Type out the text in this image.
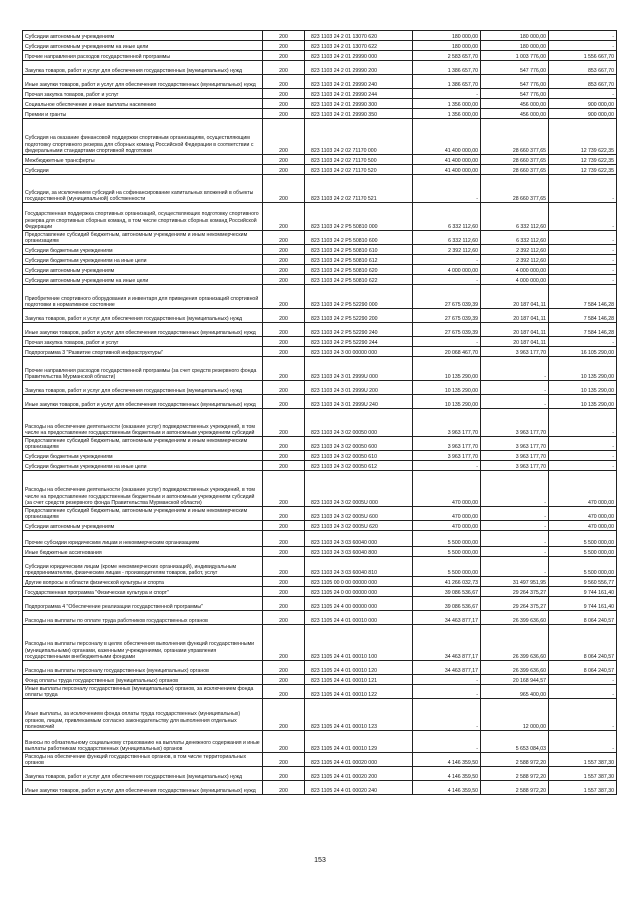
Субсидии автономным учреждениям	200	823 1103 24 2 01 13070 620	180 000,00	180 000,00	-
Субсидии автономным учреждениям на иные цели	200	823 1103 24 2 01 13070 622	180 000,00	180 000,00	-
Прочие направления расходов государственной программы	200	823 1103 24 2 01 29990 000	2 583 657,70	1 003 776,00	1 556 667,70
Закупка товаров, работ и услуг для обеспечения государственных (муниципальных) нужд	200	823 1103 24 2 01 29990 200	1 386 657,70	547 776,00	853 667,70
Иные закупки товаров, работ и услуг для обеспечения государственных (муниципальных) нужд	200	823 1103 24 2 01 29990 240	1 386 657,70	547 776,00	853 667,70
Прочая закупка товаров, работ и услуг	200	823 1103 24 2 01 29990 244	-	547 776,00	-
Социальное обеспечение и иные выплаты населению	200	823 1103 24 2 01 29990 300	1 356 000,00	456 000,00	900 000,00
Премии и гранты	200	823 1103 24 2 01 29990 350	1 356 000,00	456 000,00	900 000,00
Субсидия на оказание финансовой поддержки спортивным организациям, осуществляющим подготовку спортивного резерва для сборных команд Российской Федерации в соответствии с федеральными стандартами спортивной подготовки	200	823 1103 24 2 02 71170 000	41 400 000,00	28 660 377,65	12 739 622,35
Межбюджетные трансферты	200	823 1103 24 2 02 71170 500	41 400 000,00	28 660 377,65	12 739 622,35
Субсидии	200	823 1103 24 2 02 71170 520	41 400 000,00	28 660 377,65	12 739 622,35
Субсидии, за исключением субсидий на софинансирование капитальных вложений в объекты государственной (муниципальной) собственности	200	823 1103 24 2 02 71170 521	-	28 660 377,65	-
Государственная поддержка спортивных организаций, осуществляющих подготовку спортивного резерва для спортивных сборных команд, в том числе спортивных сборных команд Российской Федерации	200	823 1103 24 2 P5 50810 000	6 332 112,60	6 332 112,60	-
Предоставление субсидий бюджетным, автономным учреждениям и иным некоммерческим организациям	200	823 1103 24 2 P5 50810 600	6 332 112,60	6 332 112,60	-
Субсидии бюджетным учреждениям	200	823 1103 24 2 P5 50810 610	2 392 112,60	2 392 112,60	-
Субсидии бюджетным учреждениям на иные цели	200	823 1103 24 2 P5 50810 612	-	2 392 112,60	-
Субсидии автономным учреждениям	200	823 1103 24 2 P5 50810 620	4 000 000,00	4 000 000,00	-
Субсидии автономным учреждениям на иные цели	200	823 1103 24 2 P5 50810 622	-	4 000 000,00	-
Приобретение спортивного оборудования и инвентаря для приведения организаций спортивной подготовки в нормативное состояние	200	823 1103 24 2 P5 52290 000	27 675 039,39	20 187 041,11	7 584 146,28
Закупка товаров, работ и услуг для обеспечения государственных (муниципальных) нужд	200	823 1103 24 2 P5 52290 200	27 675 039,39	20 187 041,11	7 584 146,28
Иные закупки товаров, работ и услуг для обеспечения государственных (муниципальных) нужд	200	823 1103 24 2 P5 52290 240	27 675 039,39	20 187 041,11	7 584 146,28
Прочая закупка товаров, работ и услуг	200	823 1103 24 2 P5 52290 244	-	20 187 041,11	-
Подпрограмма 3 "Развитие спортивной инфраструктуры"	200	823 1103 24 3 00 00000 000	20 068 467,70	3 963 177,70	16 105 290,00
Прочие направления расходов государственной программы (за счет средств резервного фонда Правительства Мурманской области)	200	823 1103 24 3 01 2999U 000	10 135 290,00	-	10 135 290,00
Закупка товаров, работ и услуг для обеспечения государственных (муниципальных) нужд	200	823 1103 24 3 01 2999U 200	10 135 290,00	-	10 135 290,00
Иные закупки товаров, работ и услуг для обеспечения государственных (муниципальных) нужд	200	823 1103 24 3 01 2999U 240	10 135 290,00	-	10 135 290,00
Расходы на обеспечение деятельности (оказание услуг) подведомственных учреждений, в том числе на предоставление государственным бюджетным и автономным учреждениям субсидий	200	823 1103 24 3 02 00050 000	3 963 177,70	3 963 177,70	-
Предоставление субсидий бюджетным, автономным учреждениям и иным некоммерческим организациям	200	823 1103 24 3 02 00050 600	3 963 177,70	3 963 177,70	-
Субсидии бюджетным учреждениям	200	823 1103 24 3 02 00050 610	3 963 177,70	3 963 177,70	-
Субсидии бюджетным учреждениям на иные цели	200	823 1103 24 3 02 00050 612	-	3 963 177,70	-
Расходы на обеспечение деятельности (оказание услуг) подведомственных учреждений, в том числе на предоставление государственным бюджетным и автономным учреждениям субсидий (за счет средств резервного фонда Правительства Мурманской области)	200	823 1103 24 3 02 0005U 000	470 000,00	-	470 000,00
Предоставление субсидий бюджетным, автономным учреждениям и иным некоммерческим организациям	200	823 1103 24 3 02 0005U 600	470 000,00	-	470 000,00
Субсидии автономным учреждениям	200	823 1103 24 3 02 0005U 620	470 000,00	-	470 000,00
Прочие субсидии юридическим лицам и некоммерческим организациям	200	823 1103 24 3 03 60040 000	5 500 000,00	-	5 500 000,00
Иные бюджетные ассигнования	200	823 1103 24 3 03 60040 800	5 500 000,00	-	5 500 000,00
Субсидии юридическим лицам (кроме некоммерческих организаций), индивидуальным предпринимателям, физическим лицам - производителям товаров, работ, услуг	200	823 1103 24 3 03 60040 810	5 500 000,00	-	5 500 000,00
Другие вопросы в области физической культуры и спорта	200	823 1105 00 0 00 00000 000	41 266 032,73	31 497 951,95	9 560 556,77
Государственная программа "Физическая культура и спорт"	200	823 1105 24 0 00 00000 000	39 086 536,67	29 264 375,27	9 744 161,40
Подпрограмма 4 "Обеспечение реализации государственной программы"	200	823 1105 24 4 00 00000 000	39 086 536,67	29 264 375,27	9 744 161,40
Расходы на выплаты по оплате труда работников государственных органов	200	823 1105 24 4 01 00010 000	34 463 877,17	26 399 636,60	8 064 240,57
Расходы на выплаты персоналу в целях обеспечения выполнения функций государственными (муниципальными) органами, казенными учреждениями, органами управления государственными внебюджетными фондами	200	823 1105 24 4 01 00010 100	34 463 877,17	26 399 636,60	8 064 240,57
Расходы на выплаты персоналу государственных (муниципальных) органов	200	823 1105 24 4 01 00010 120	34 463 877,17	26 399 636,60	8 064 240,57
Фонд оплаты труда государственных (муниципальных) органов	200	823 1105 24 4 01 00010 121	-	20 168 944,57	-
Иные выплаты персоналу государственных (муниципальных) органов, за исключением фонда оплаты труда	200	823 1105 24 4 01 00010 122	-	965 400,00	-
Иные выплаты, за исключением фонда оплаты труда государственных (муниципальных) органов, лицам, привлекаемым согласно законодательству для выполнения отдельных полномочий	200	823 1105 24 4 01 00010 123	-	12 000,00	-
Взносы по обязательному социальному страхованию на выплаты денежного содержания и иные выплаты работникам государственных (муниципальных) органов	200	823 1105 24 4 01 00010 129	-	5 653 084,03	-
Расходы на обеспечение функций государственных органов, в том числе территориальных органов	200	823 1105 24 4 01 00020 000	4 146 359,50	2 588 972,20	1 557 387,30
Закупка товаров, работ и услуг для обеспечения государственных (муниципальных) нужд	200	823 1105 24 4 01 00020 200	4 146 359,50	2 588 972,20	1 557 387,30
Иные закупки товаров, работ и услуг для обеспечения государственных (муниципальных) нужд	200	823 1105 24 4 01 00020 240	4 146 359,50	2 588 972,20	1 557 387,30
153
